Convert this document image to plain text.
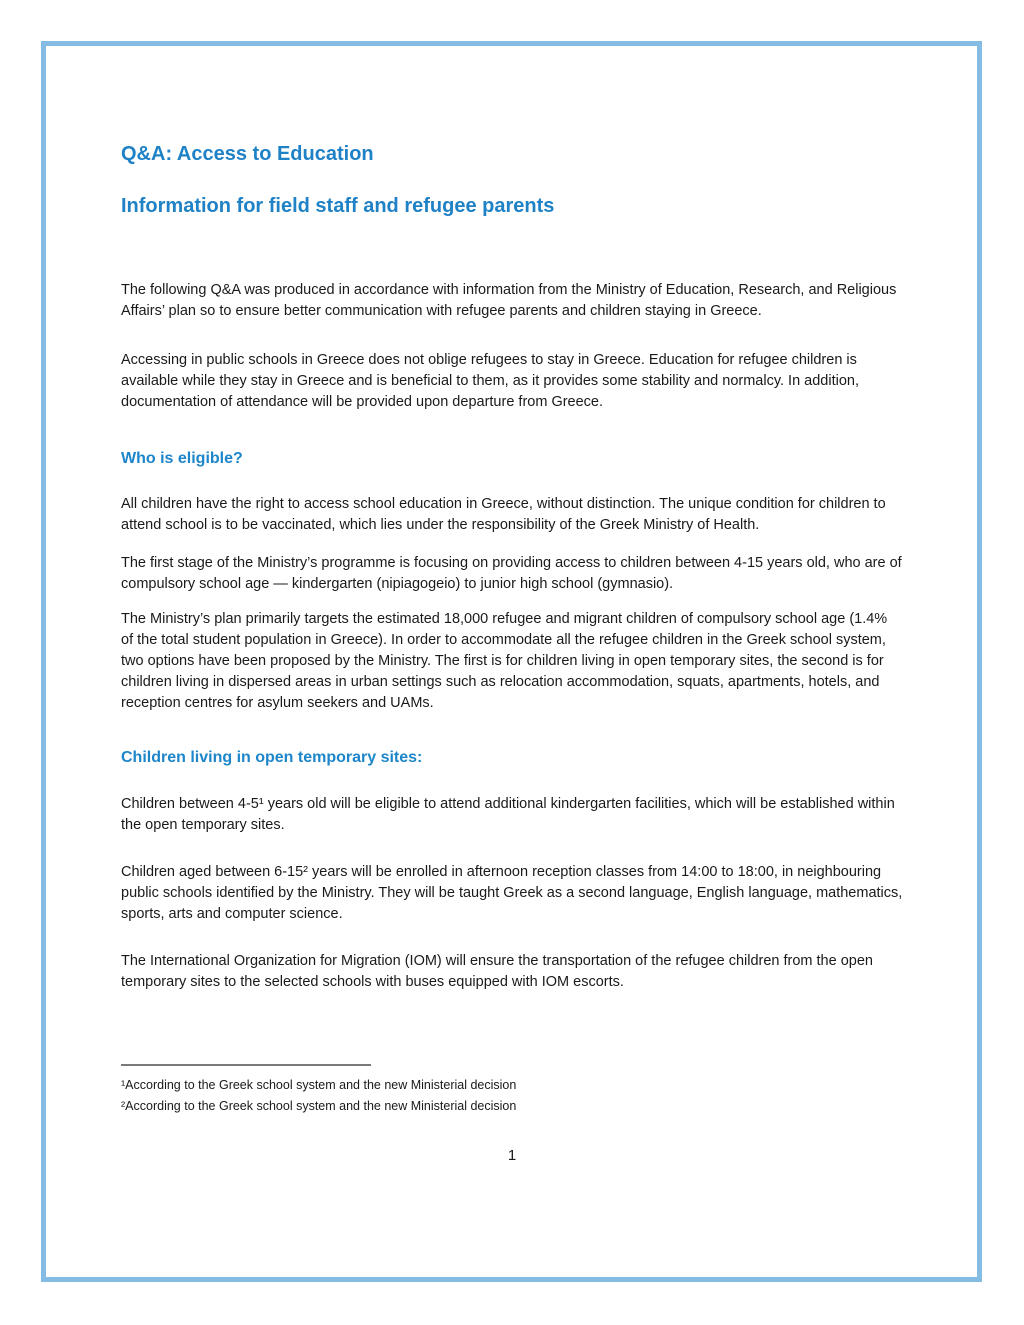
Q&A: Access to Education
Information for field staff and refugee parents

The following Q&A was produced in accordance with information from the Ministry of Education, Research, and Religious Affairs’ plan so to ensure better communication with refugee parents and children staying in Greece.

Accessing in public schools in Greece does not oblige refugees to stay in Greece. Education for refugee children is available while they stay in Greece and is beneficial to them, as it provides some stability and normalcy. In addition, documentation of attendance will be provided upon departure from Greece.

Who is eligible?

All children have the right to access school education in Greece, without distinction. The unique condition for children to attend school is to be vaccinated, which lies under the responsibility of the Greek Ministry of Health.

The first stage of the Ministry’s programme is focusing on providing access to children between 4-15 years old, who are of compulsory school age — kindergarten (nipiagogeio) to junior high school (gymnasio).

The Ministry’s plan primarily targets the estimated 18,000 refugee and migrant children of compulsory school age (1.4% of the total student population in Greece). In order to accommodate all the refugee children in the Greek school system, two options have been proposed by the Ministry. The first is for children living in open temporary sites, the second is for children living in dispersed areas in urban settings such as relocation accommodation, squats, apartments, hotels, and reception centres for asylum seekers and UAMs.

Children living in open temporary sites:

Children between 4-5¹ years old will be eligible to attend additional kindergarten facilities, which will be established within the open temporary sites.

Children aged between 6-15² years will be enrolled in afternoon reception classes from 14:00 to 18:00, in neighbouring public schools identified by the Ministry. They will be taught Greek as a second language, English language, mathematics, sports, arts and computer science.

The International Organization for Migration (IOM) will ensure the transportation of the refugee children from the open temporary sites to the selected schools with buses equipped with IOM escorts.

¹According to the Greek school system and the new Ministerial decision

²According to the Greek school system and the new Ministerial decision

1
